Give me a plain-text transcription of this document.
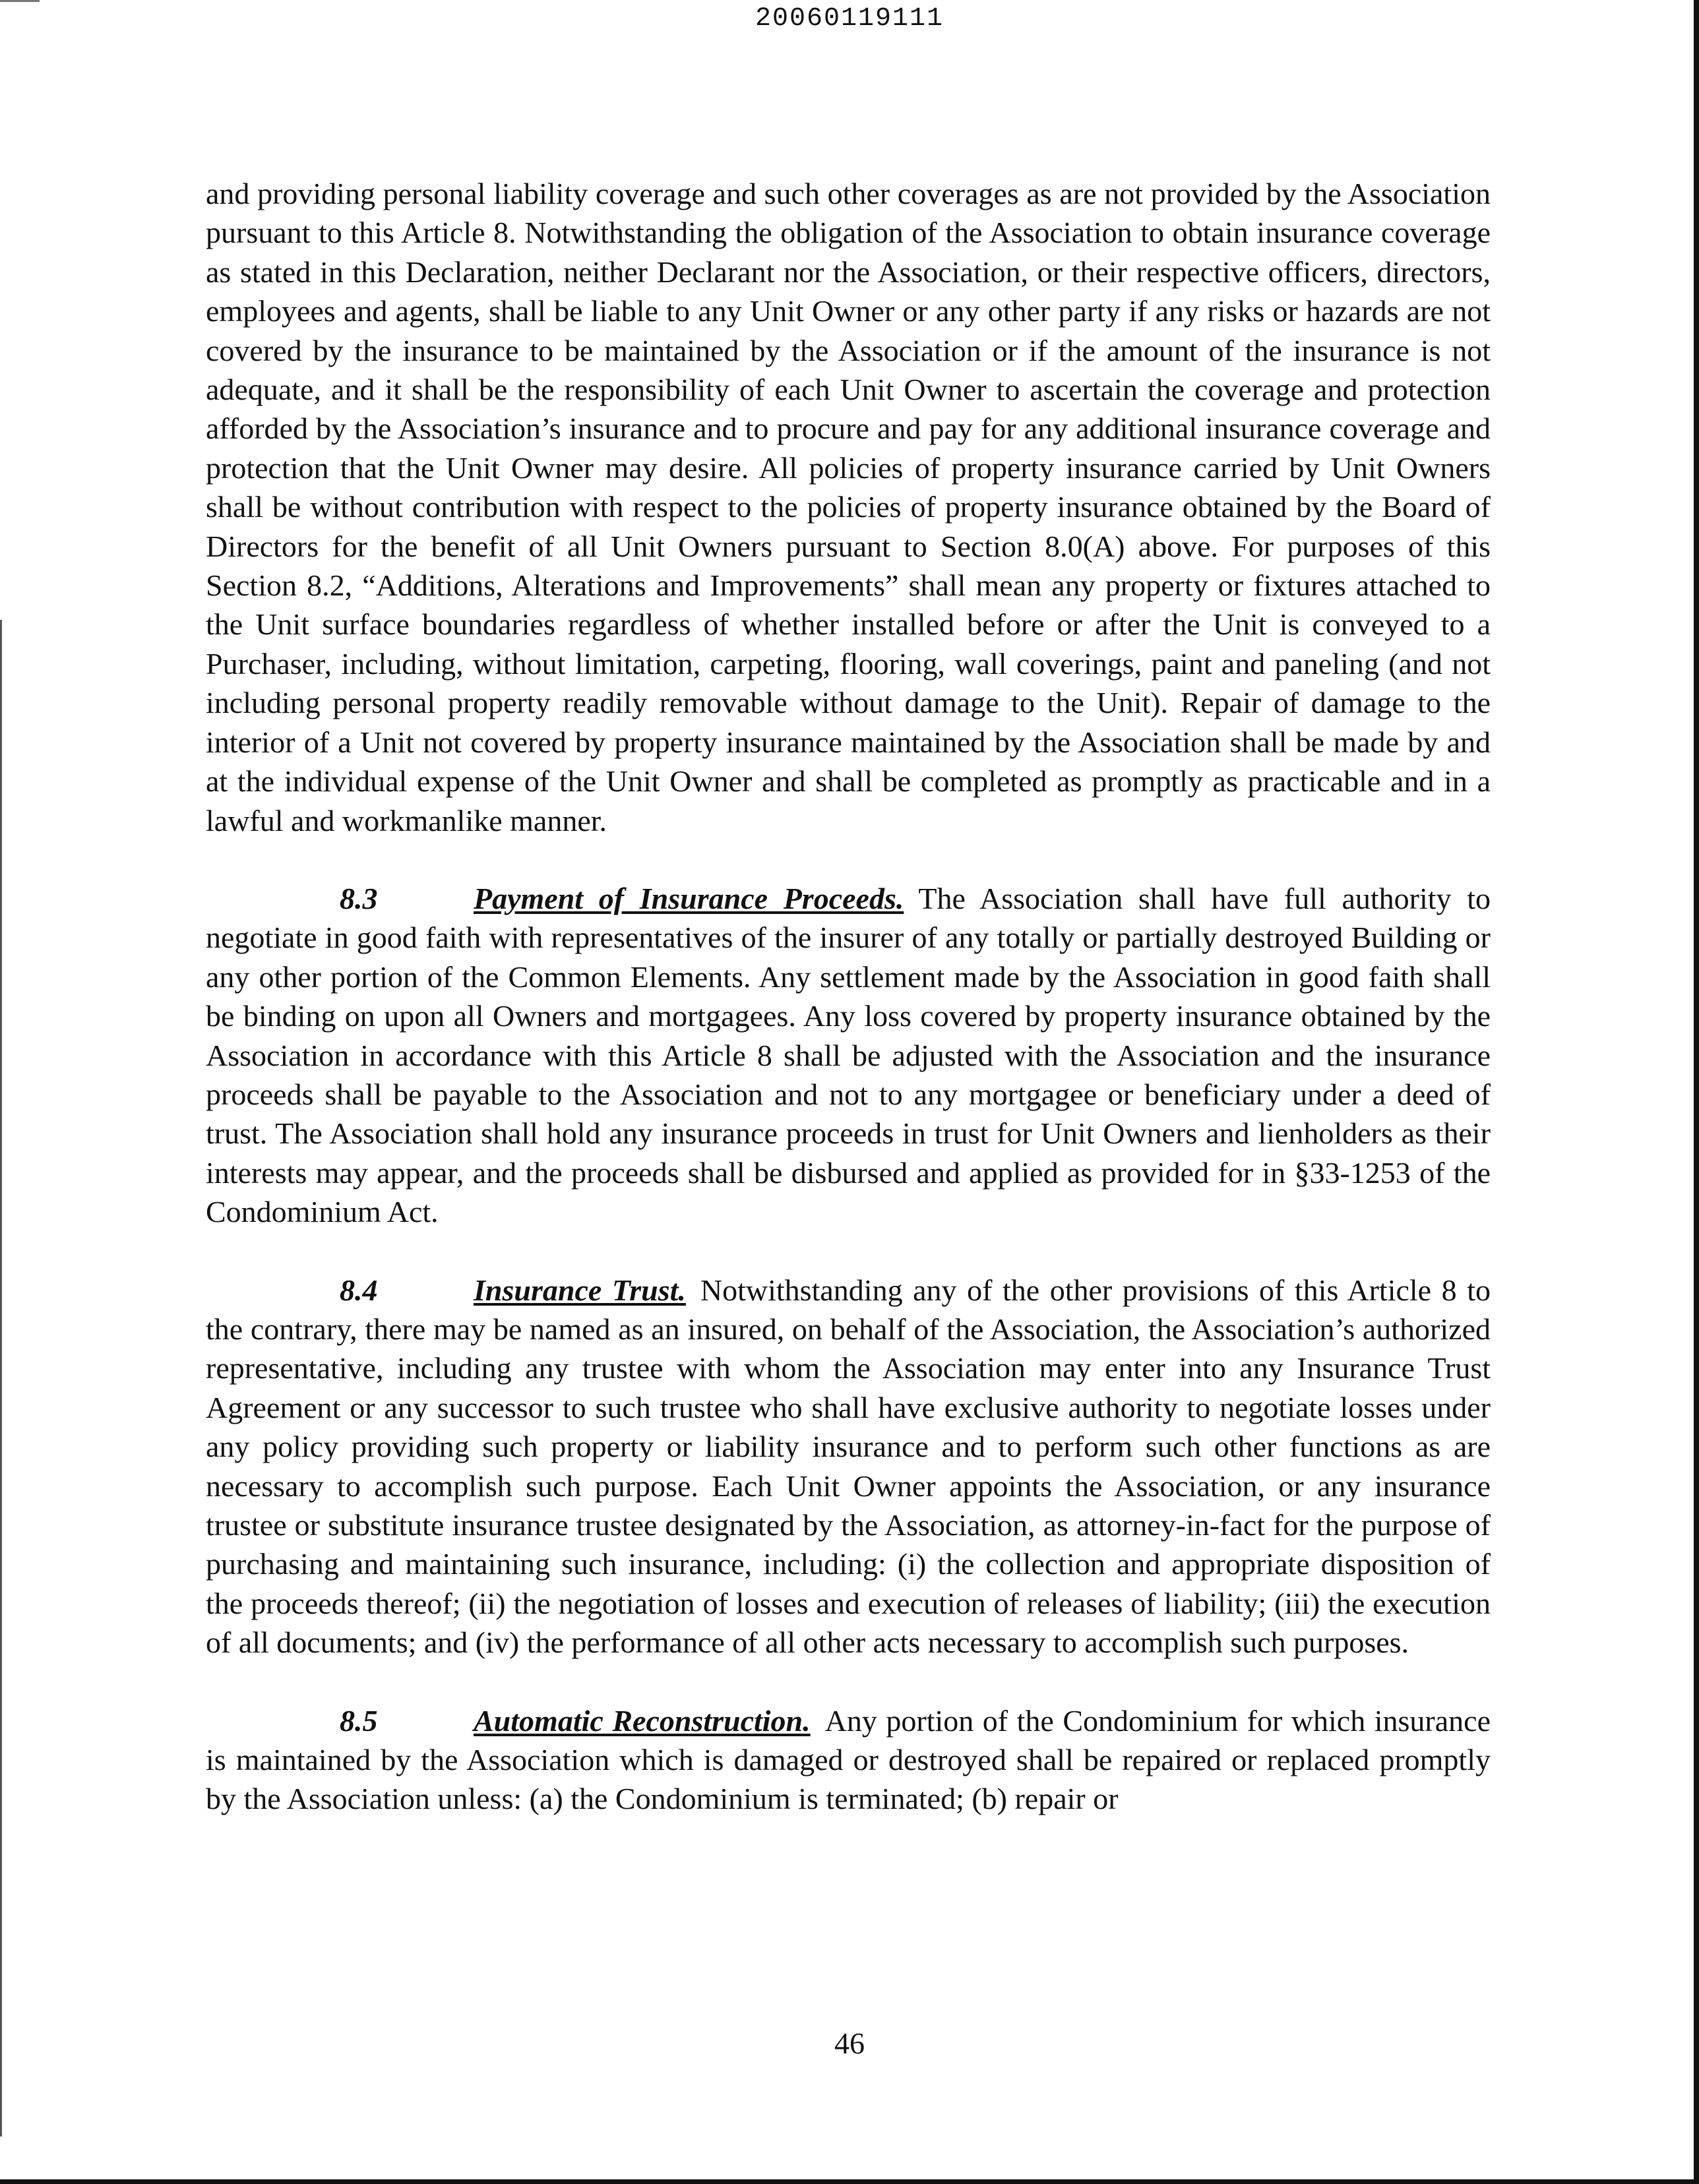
20060119111

and providing personal liability coverage and such other coverages as are not provided by the Association pursuant to this Article 8. Notwithstanding the obligation of the Association to obtain insurance coverage as stated in this Declaration, neither Declarant nor the Association, or their respective officers, directors, employees and agents, shall be liable to any Unit Owner or any other party if any risks or hazards are not covered by the insurance to be maintained by the Association or if the amount of the insurance is not adequate, and it shall be the responsibility of each Unit Owner to ascertain the coverage and protection afforded by the Association’s insurance and to procure and pay for any additional insurance coverage and protection that the Unit Owner may desire. All policies of property insurance carried by Unit Owners shall be without contribution with respect to the policies of property insurance obtained by the Board of Directors for the benefit of all Unit Owners pursuant to Section 8.0(A) above. For purposes of this Section 8.2, “Additions, Alterations and Improvements” shall mean any property or fixtures attached to the Unit surface boundaries regardless of whether installed before or after the Unit is conveyed to a Purchaser, including, without limitation, carpeting, flooring, wall coverings, paint and paneling (and not including personal property readily removable without damage to the Unit). Repair of damage to the interior of a Unit not covered by property insurance maintained by the Association shall be made by and at the individual expense of the Unit Owner and shall be completed as promptly as practicable and in a lawful and workmanlike manner.

8.3	Payment of Insurance Proceeds. The Association shall have full authority to negotiate in good faith with representatives of the insurer of any totally or partially destroyed Building or any other portion of the Common Elements. Any settlement made by the Association in good faith shall be binding on upon all Owners and mortgagees. Any loss covered by property insurance obtained by the Association in accordance with this Article 8 shall be adjusted with the Association and the insurance proceeds shall be payable to the Association and not to any mortgagee or beneficiary under a deed of trust. The Association shall hold any insurance proceeds in trust for Unit Owners and lienholders as their interests may appear, and the proceeds shall be disbursed and applied as provided for in §33-1253 of the Condominium Act.

8.4	Insurance Trust. Notwithstanding any of the other provisions of this Article 8 to the contrary, there may be named as an insured, on behalf of the Association, the Association’s authorized representative, including any trustee with whom the Association may enter into any Insurance Trust Agreement or any successor to such trustee who shall have exclusive authority to negotiate losses under any policy providing such property or liability insurance and to perform such other functions as are necessary to accomplish such purpose. Each Unit Owner appoints the Association, or any insurance trustee or substitute insurance trustee designated by the Association, as attorney-in-fact for the purpose of purchasing and maintaining such insurance, including: (i) the collection and appropriate disposition of the proceeds thereof; (ii) the negotiation of losses and execution of releases of liability; (iii) the execution of all documents; and (iv) the performance of all other acts necessary to accomplish such purposes.

8.5	Automatic Reconstruction. Any portion of the Condominium for which insurance is maintained by the Association which is damaged or destroyed shall be repaired or replaced promptly by the Association unless: (a) the Condominium is terminated; (b) repair or

46
